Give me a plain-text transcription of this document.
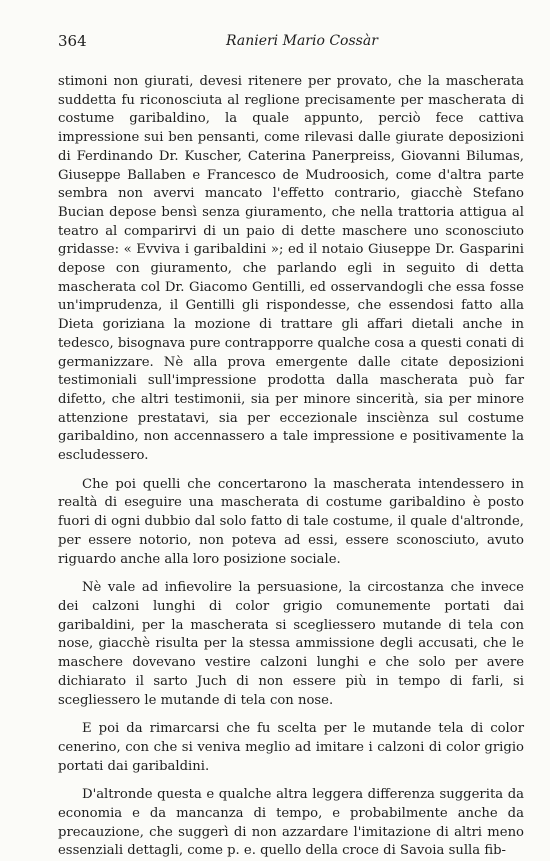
364	Ranieri Mario Cossàr

stimoni non giurati, devesi ritenere per provato, che la mascherata suddetta fu riconosciuta al reglione precisamente per mascherata di costume garibaldino, la quale appunto, perciò fece cattiva impressione sui ben pensanti, come rilevasi dalle giurate deposizioni di Ferdinando Dr. Kuscher, Caterina Panerpreiss, Giovanni Bilumas, Giuseppe Ballaben e Francesco de Mudroosich, come d'altra parte sembra non avervi mancato l'effetto contrario, giacchè Stefano Bucian depose bensì senza giuramento, che nella trattoria attigua al teatro al comparirvi di un paio di dette maschere uno sconosciuto gridasse: « Evviva i garibaldini »; ed il notaio Giuseppe Dr. Gasparini depose con giuramento, che parlando egli in seguito di detta mascherata col Dr. Giacomo Gentilli, ed osservandogli che essa fosse un'imprudenza, il Gentilli gli rispondesse, che essendosi fatto alla Dieta goriziana la mozione di trattare gli affari dietali anche in tedesco, bisognava pure contrapporre qualche cosa a questi conati di germanizzare. Nè alla prova emergente dalle citate deposizioni testimoniali sull'impressione prodotta dalla mascherata può far difetto, che altri testimonii, sia per minore sincerità, sia per minore attenzione prestatavi, sia per eccezionale insciènza sul costume garibaldino, non accennassero a tale impressione e positivamente la escludessero.

Che poi quelli che concertarono la mascherata intendessero in realtà di eseguire una mascherata di costume garibaldino è posto fuori di ogni dubbio dal solo fatto di tale costume, il quale d'altronde, per essere notorio, non poteva ad essi, essere sconosciuto, avuto riguardo anche alla loro posizione sociale.

Nè vale ad infievolire la persuasione, la circostanza che invece dei calzoni lunghi di color grigio comunemente portati dai garibaldini, per la mascherata si scegliessero mutande di tela con nose, giacchè risulta per la stessa ammissione degli accusati, che le maschere dovevano vestire calzoni lunghi e che solo per avere dichiarato il sarto Juch di non essere più in tempo di farli, si scegliessero le mutande di tela con nose.

E poi da rimarcarsi che fu scelta per le mutande tela di color cenerino, con che si veniva meglio ad imitare i calzoni di color grigio portati dai garibaldini.

D'altronde questa e qualche altra leggera differenza suggerita da economia e da mancanza di tempo, e probabilmente anche da precauzione, che suggerì di non azzardare l'imitazione di altri meno essenziali dettagli, come p. e. quello della croce di Savoia sulla fib-
